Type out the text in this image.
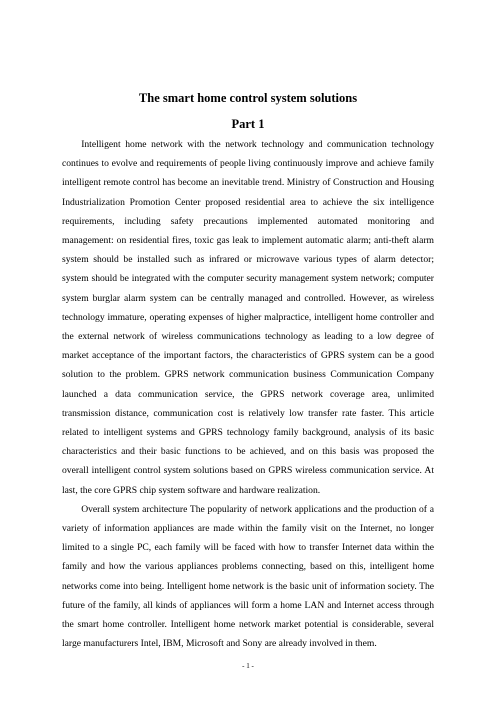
The smart home control system solutions
Part 1

Intelligent home network with the network technology and communication technology continues to evolve and requirements of people living continuously improve and achieve family intelligent remote control has become an inevitable trend. Ministry of Construction and Housing Industrialization Promotion Center proposed residential area to achieve the six intelligence requirements, including safety precautions implemented automated monitoring and management: on residential fires, toxic gas leak to implement automatic alarm; anti-theft alarm system should be installed such as infrared or microwave various types of alarm detector; system should be integrated with the computer security management system network; computer system burglar alarm system can be centrally managed and controlled. However, as wireless technology immature, operating expenses of higher malpractice, intelligent home controller and the external network of wireless communications technology as leading to a low degree of market acceptance of the important factors, the characteristics of GPRS system can be a good solution to the problem. GPRS network communication business Communication Company launched a data communication service, the GPRS network coverage area, unlimited transmission distance, communication cost is relatively low transfer rate faster. This article related to intelligent systems and GPRS technology family background, analysis of its basic characteristics and their basic functions to be achieved, and on this basis was proposed the overall intelligent control system solutions based on GPRS wireless communication service. At last, the core GPRS chip system software and hardware realization.

Overall system architecture The popularity of network applications and the production of a variety of information appliances are made within the family visit on the Internet, no longer limited to a single PC, each family will be faced with how to transfer Internet data within the family and how the various appliances problems connecting, based on this, intelligent home networks come into being. Intelligent home network is the basic unit of information society. The future of the family, all kinds of appliances will form a home LAN and Internet access through the smart home controller. Intelligent home network market potential is considerable, several large manufacturers Intel, IBM, Microsoft and Sony are already involved in them.

- 1 -
